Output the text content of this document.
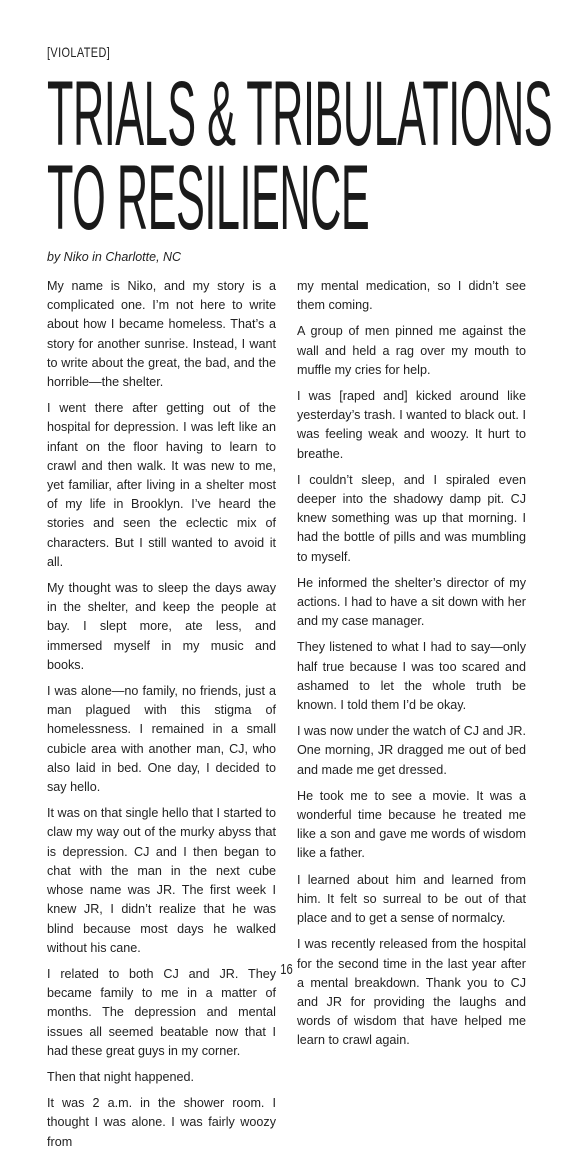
[VIOLATED]
TRIALS & TRIBULATIONS
TO RESILIENCE
by Niko in Charlotte, NC

My name is Niko, and my story is a complicated one. I’m not here to write about how I became homeless. That’s a story for another sunrise. Instead, I want to write about the great, the bad, and the horrible—the shelter.

I went there after getting out of the hospital for depression. I was left like an infant on the floor having to learn to crawl and then walk. It was new to me, yet familiar, after living in a shelter most of my life in Brooklyn. I’ve heard the stories and seen the eclectic mix of characters. But I still wanted to avoid it all.

My thought was to sleep the days away in the shelter, and keep the people at bay. I slept more, ate less, and immersed myself in my music and books.

I was alone—no family, no friends, just a man plagued with this stigma of homelessness. I remained in a small cubicle area with another man, CJ, who also laid in bed. One day, I decided to say hello.

It was on that single hello that I started to claw my way out of the murky abyss that is depression. CJ and I then began to chat with the man in the next cube whose name was JR. The first week I knew JR, I didn’t realize that he was blind because most days he walked without his cane.

I related to both CJ and JR. They became family to me in a matter of months. The depression and mental issues all seemed beatable now that I had these great guys in my corner.

Then that night happened.

It was 2 a.m. in the shower room. I thought I was alone. I was fairly woozy from

my mental medication, so I didn’t see them coming.

A group of men pinned me against the wall and held a rag over my mouth to muffle my cries for help.

I was [raped and] kicked around like yesterday’s trash. I wanted to black out. I was feeling weak and woozy. It hurt to breathe.

I couldn’t sleep, and I spiraled even deeper into the shadowy damp pit. CJ knew something was up that morning. I had the bottle of pills and was mumbling to myself.

He informed the shelter’s director of my actions. I had to have a sit down with her and my case manager.

They listened to what I had to say—only half true because I was too scared and ashamed to let the whole truth be known. I told them I’d be okay.

I was now under the watch of CJ and JR. One morning, JR dragged me out of bed and made me get dressed.

He took me to see a movie. It was a wonderful time because he treated me like a son and gave me words of wisdom like a father.

I learned about him and learned from him. It felt so surreal to be out of that place and to get a sense of normalcy.

I was recently released from the hospital for the second time in the last year after a mental breakdown. Thank you to CJ and JR for providing the laughs and words of wisdom that have helped me learn to crawl again.

16
